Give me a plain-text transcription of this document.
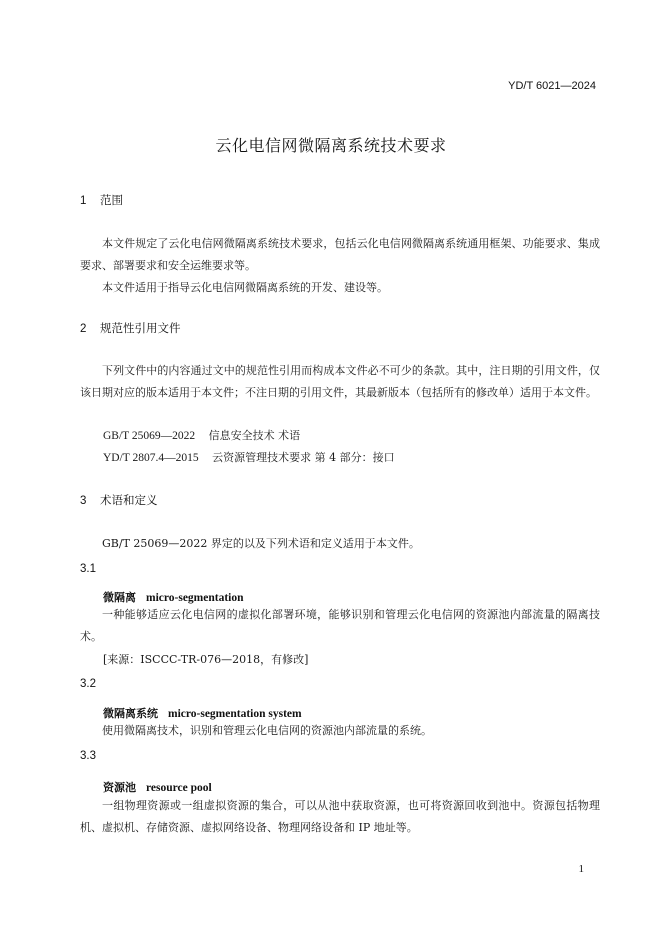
YD/T 6021—2024
云化电信网微隔离系统技术要求
1 范围
本文件规定了云化电信网微隔离系统技术要求，包括云化电信网微隔离系统通用框架、功能要求、集成要求、部署要求和安全运维要求等。
本文件适用于指导云化电信网微隔离系统的开发、建设等。
2 规范性引用文件
下列文件中的内容通过文中的规范性引用而构成本文件必不可少的条款。其中，注日期的引用文件，仅该日期对应的版本适用于本文件；不注日期的引用文件，其最新版本（包括所有的修改单）适用于本文件。
GB/T 25069—2022 信息安全技术 术语
YD/T 2807.4—2015 云资源管理技术要求 第 4 部分：接口
3 术语和定义
GB/T 25069—2022 界定的以及下列术语和定义适用于本文件。
3.1
微隔离 micro-segmentation
一种能够适应云化电信网的虚拟化部署环境，能够识别和管理云化电信网的资源池内部流量的隔离技术。
[来源：ISCCC-TR-076—2018，有修改]
3.2
微隔离系统 micro-segmentation system
使用微隔离技术，识别和管理云化电信网的资源池内部流量的系统。
3.3
资源池 resource pool
一组物理资源或一组虚拟资源的集合，可以从池中获取资源，也可将资源回收到池中。资源包括物理机、虚拟机、存储资源、虚拟网络设备、物理网络设备和 IP 地址等。
1
